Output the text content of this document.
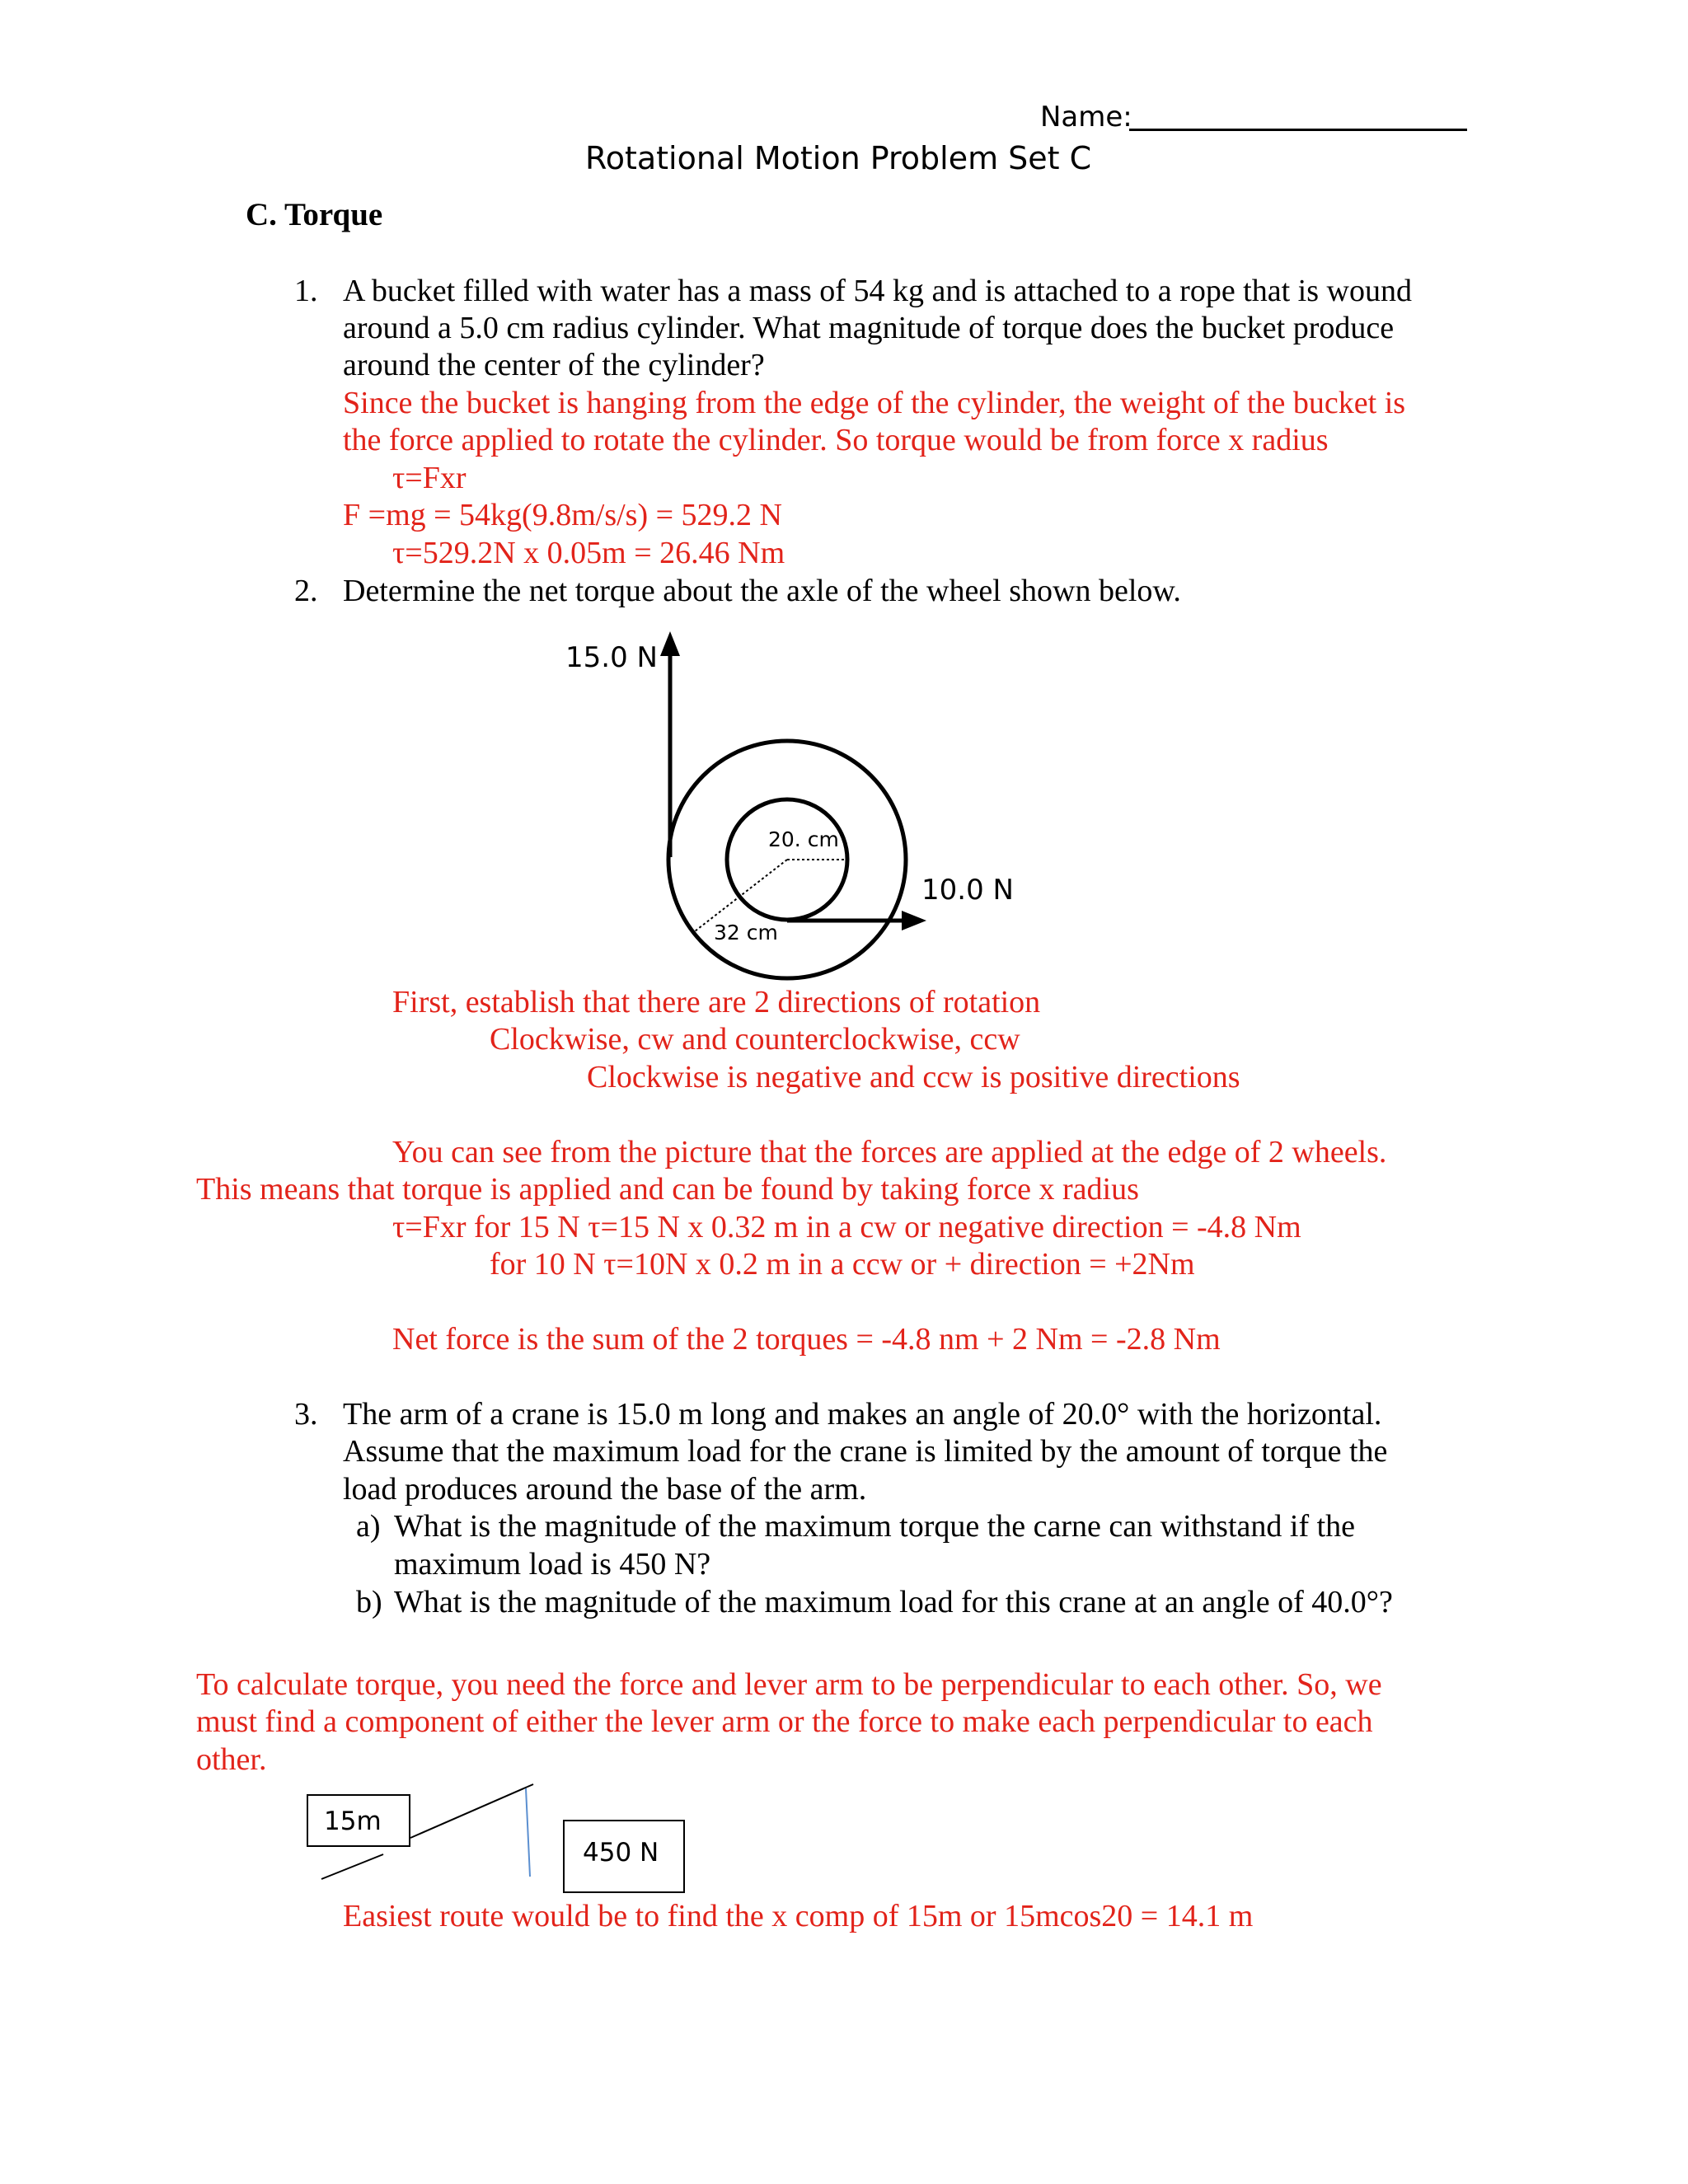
Name:
Rotational Motion Problem Set C
C. Torque
1. A bucket filled with water has a mass of 54 kg and is attached to a rope that is wound
around a 5.0 cm radius cylinder. What magnitude of torque does the bucket produce
around the center of the cylinder?
Since the bucket is hanging from the edge of the cylinder, the weight of the bucket is
the force applied to rotate the cylinder. So torque would be from force x radius
τ=Fxr
F =mg = 54kg(9.8m/s/s) = 529.2 N
τ=529.2N x 0.05m = 26.46 Nm
2. Determine the net torque about the axle of the wheel shown below.
15.0 N
10.0 N
20. cm
32 cm
First, establish that there are 2 directions of rotation
Clockwise, cw and counterclockwise, ccw
Clockwise is negative and ccw is positive directions
You can see from the picture that the forces are applied at the edge of 2 wheels.
This means that torque is applied and can be found by taking force x radius
τ=Fxr for 15 N τ=15 N x 0.32 m in a cw or negative direction = -4.8 Nm
for 10 N τ=10N x 0.2 m in a ccw or + direction = +2Nm
Net force is the sum of the 2 torques = -4.8 nm + 2 Nm = -2.8 Nm
3. The arm of a crane is 15.0 m long and makes an angle of 20.0° with the horizontal.
Assume that the maximum load for the crane is limited by the amount of torque the
load produces around the base of the arm.
a) What is the magnitude of the maximum torque the carne can withstand if the
maximum load is 450 N?
b) What is the magnitude of the maximum load for this crane at an angle of 40.0°?
To calculate torque, you need the force and lever arm to be perpendicular to each other. So, we
must find a component of either the lever arm or the force to make each perpendicular to each
other.
15m
450 N
Easiest route would be to find the x comp of 15m or 15mcos20 = 14.1 m
